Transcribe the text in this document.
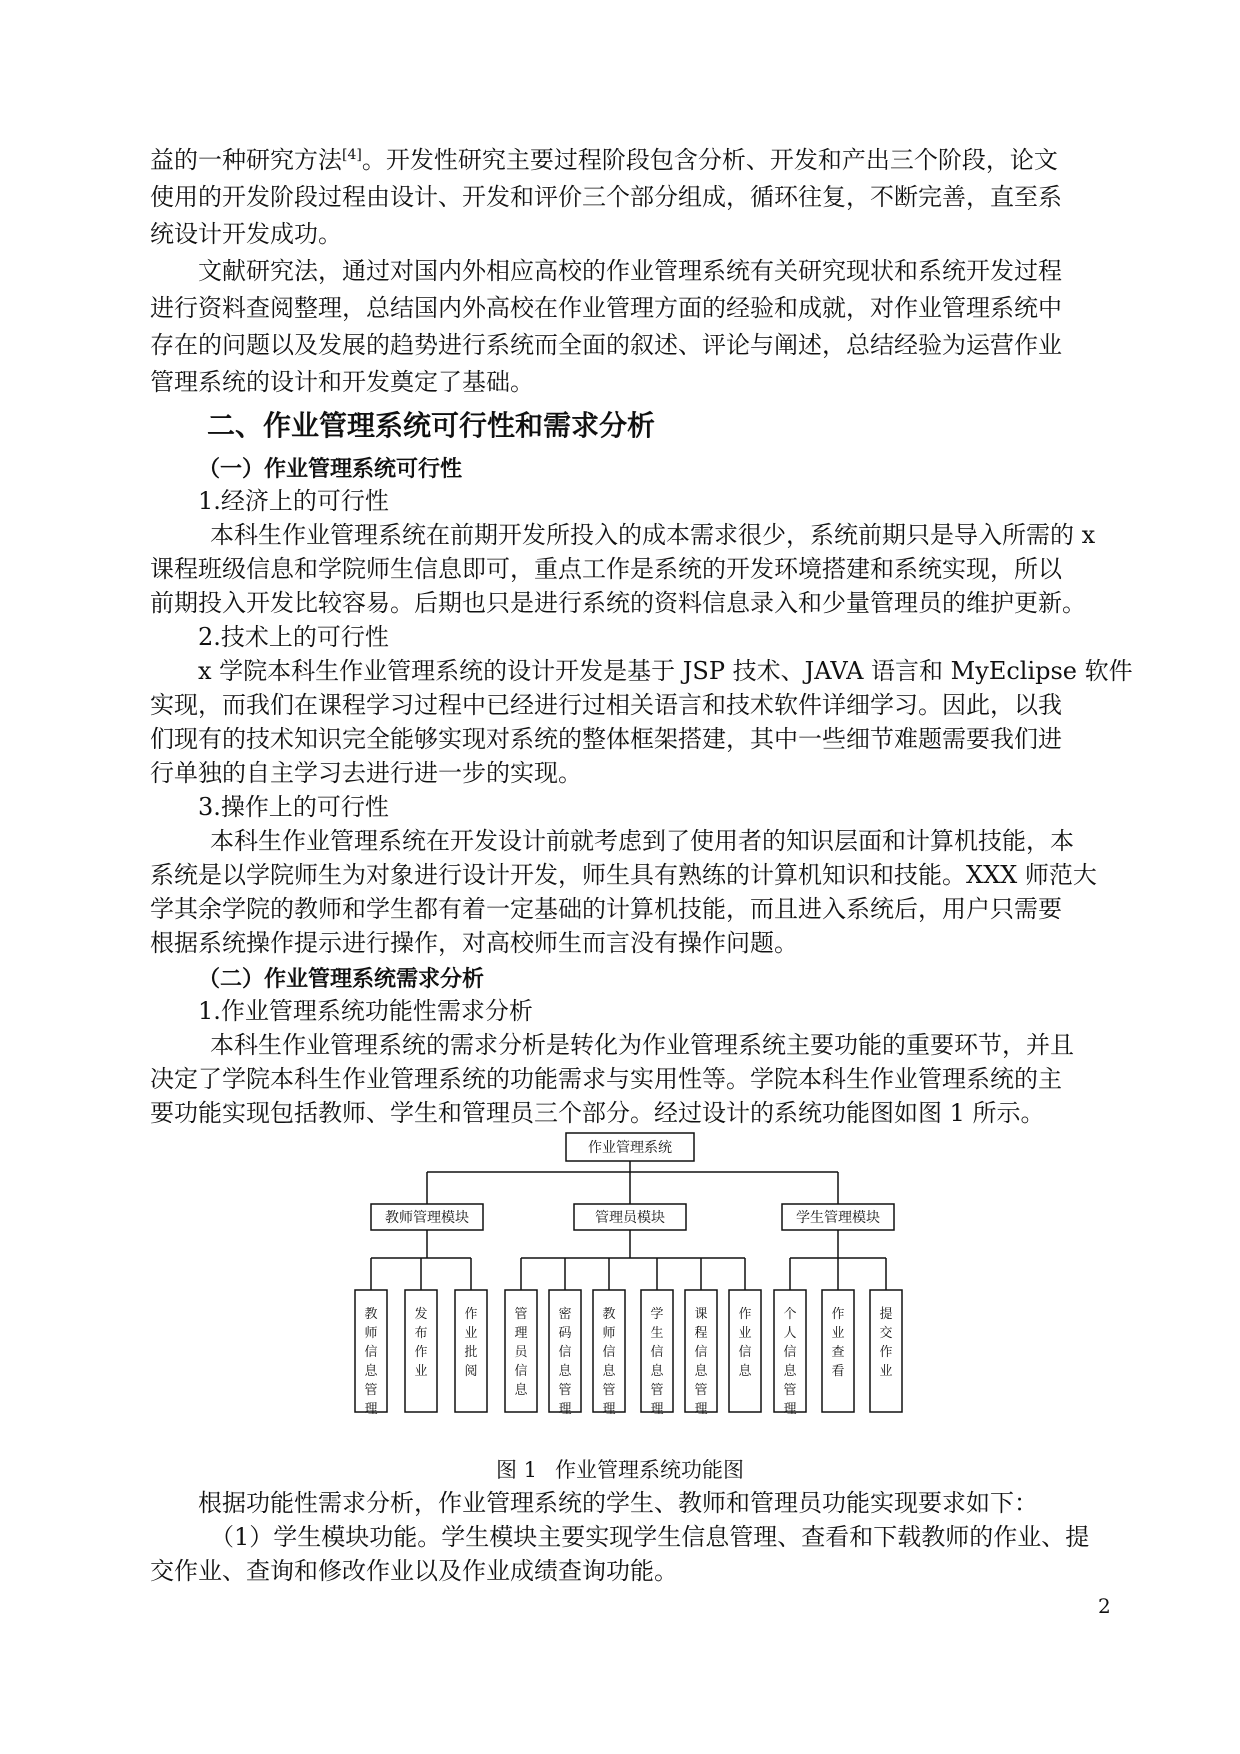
益的一种研究方法[4]。开发性研究主要过程阶段包含分析、开发和产出三个阶段，论文
使用的开发阶段过程由设计、开发和评价三个部分组成，循环往复，不断完善，直至系
统设计开发成功。
文献研究法，通过对国内外相应高校的作业管理系统有关研究现状和系统开发过程
进行资料查阅整理，总结国内外高校在作业管理方面的经验和成就，对作业管理系统中
存在的问题以及发展的趋势进行系统而全面的叙述、评论与阐述，总结经验为运营作业
管理系统的设计和开发奠定了基础。
二、作业管理系统可行性和需求分析
（一）作业管理系统可行性
1.经济上的可行性
本科生作业管理系统在前期开发所投入的成本需求很少，系统前期只是导入所需的 x
课程班级信息和学院师生信息即可，重点工作是系统的开发环境搭建和系统实现，所以
前期投入开发比较容易。后期也只是进行系统的资料信息录入和少量管理员的维护更新。
2.技术上的可行性
x 学院本科生作业管理系统的设计开发是基于 JSP 技术、JAVA 语言和 MyEclipse 软件
实现，而我们在课程学习过程中已经进行过相关语言和技术软件详细学习。因此，以我
们现有的技术知识完全能够实现对系统的整体框架搭建，其中一些细节难题需要我们进
行单独的自主学习去进行进一步的实现。
3.操作上的可行性
本科生作业管理系统在开发设计前就考虑到了使用者的知识层面和计算机技能，本
系统是以学院师生为对象进行设计开发，师生具有熟练的计算机知识和技能。XXX 师范大
学其余学院的教师和学生都有着一定基础的计算机技能，而且进入系统后，用户只需要
根据系统操作提示进行操作，对高校师生而言没有操作问题。
（二）作业管理系统需求分析
1.作业管理系统功能性需求分析
本科生作业管理系统的需求分析是转化为作业管理系统主要功能的重要环节，并且
决定了学院本科生作业管理系统的功能需求与实用性等。学院本科生作业管理系统的主
要功能实现包括教师、学生和管理员三个部分。经过设计的系统功能图如图 1 所示。
作业管理系统
教师管理模块
教师信息管理
发布作业
作业批阅
管理员模块
管理员信息
密码信息管理
教师信息管理
学生信息管理
课程信息管理
作业信息
学生管理模块
个人信息管理
作业查看
提交作业
图 1 作业管理系统功能图
根据功能性需求分析，作业管理系统的学生、教师和管理员功能实现要求如下：
（1）学生模块功能。学生模块主要实现学生信息管理、查看和下载教师的作业、提
交作业、查询和修改作业以及作业成绩查询功能。
2
